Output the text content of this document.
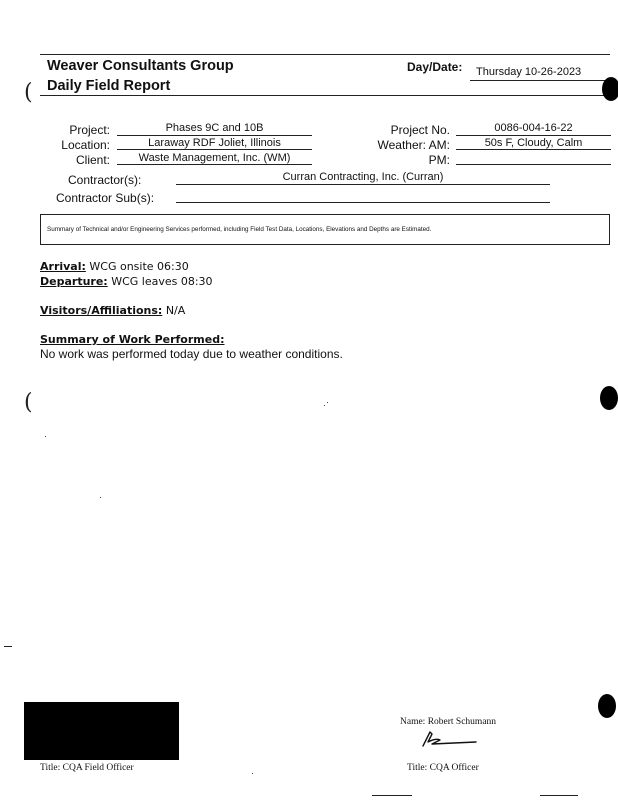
Weaver Consultants Group
Daily Field Report
Day/Date: Thursday 10-26-2023
(
(
Project:	Phases 9C and 10B
Location:	Laraway RDF Joliet, Illinois
Client:	Waste Management, Inc. (WM)
Project No.	0086-004-16-22
Weather: AM:	50s F, Cloudy, Calm
PM:
Contractor(s):	Curran Contracting, Inc. (Curran)
Contractor Sub(s):
Summary of Technical and/or Engineering Services performed, including Field Test Data, Locations, Elevations and Depths are Estimated.
Arrival: WCG onsite 06:30
Departure: WCG leaves 08:30
Visitors/Affiliations: N/A
Summary of Work Performed:
No work was performed today due to weather conditions.
Title: CQA Field Officer
Name: Robert Schumann
Title: CQA Officer
